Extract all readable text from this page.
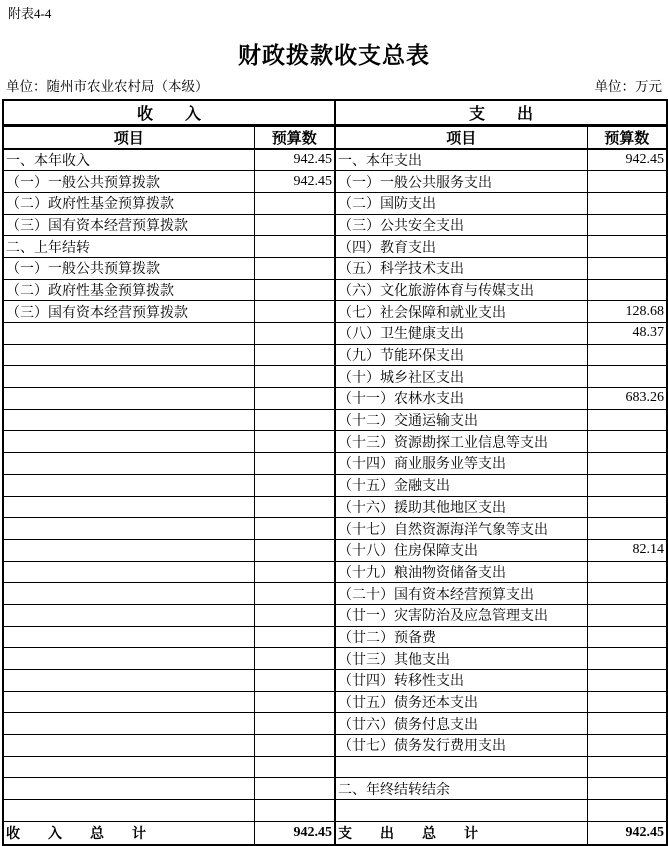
附表4-4
财政拨款收支总表
单位：随州市农业农村局（本级）	单位：万元
收　　入		支　　出	
项目	预算数	项目	预算数
一、本年收入	942.45	一、本年支出	942.45
（一）一般公共预算拨款	942.45	（一）一般公共服务支出	
（二）政府性基金预算拨款		（二）国防支出	
（三）国有资本经营预算拨款		（三）公共安全支出	
二、上年结转		（四）教育支出	
（一）一般公共预算拨款		（五）科学技术支出	
（二）政府性基金预算拨款		（六）文化旅游体育与传媒支出	
（三）国有资本经营预算拨款		（七）社会保障和就业支出	128.68
		（八）卫生健康支出	48.37
		（九）节能环保支出	
		（十）城乡社区支出	
		（十一）农林水支出	683.26
		（十二）交通运输支出	
		（十三）资源勘探工业信息等支出	
		（十四）商业服务业等支出	
		（十五）金融支出	
		（十六）援助其他地区支出	
		（十七）自然资源海洋气象等支出	
		（十八）住房保障支出	82.14
		（十九）粮油物资储备支出	
		（二十）国有资本经营预算支出	
		（廿一）灾害防治及应急管理支出	
		（廿二）预备费	
		（廿三）其他支出	
		（廿四）转移性支出	
		（廿五）债务还本支出	
		（廿六）债务付息支出	
		（廿七）债务发行费用支出	

		二、年终结转结余	

收　　入　　总　　计	942.45	支　　出　　总　　计	942.45
